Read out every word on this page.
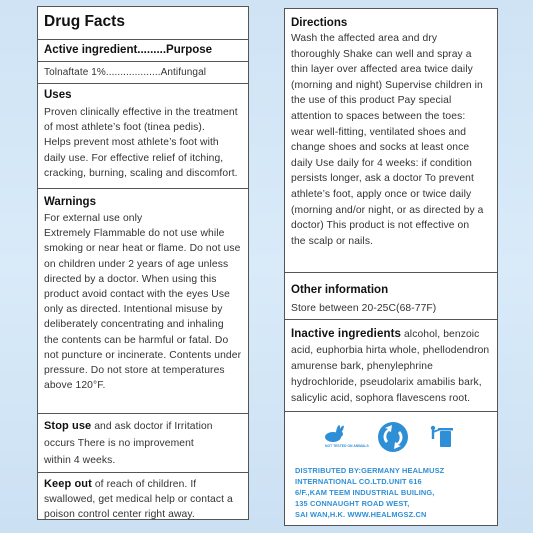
Drug Facts
Active ingredient.........Purpose
Tolnaftate 1%...................Antifungal
Uses
Proven clinically effective in the treatment
of most athlete’s foot (tinea pedis).
Helps prevent most athlete’s foot with
daily use. For effective relief of itching,
cracking, burning, scaling and discomfort.
Warnings
For external use only
Extremely Flammable do not use while
smoking or near heat or flame. Do not use
on children under 2 years of age unless
directed by a doctor. When using this
product avoid contact with the eyes Use
only as directed. Intentional misuse by
deliberately concentrating and inhaling
the contents can be harmful or fatal. Do
not puncture or incinerate. Contents under
pressure. Do not store at temperatures
above 120°F.
Stop use and ask doctor if Irritation
occurs There is no improvement
within 4 weeks.
Keep out of reach of children. If
swallowed, get medical help or contact a
poison control center right away.
Directions
Wash the affected area and dry
thoroughly Shake can well and spray a
thin layer over affected area twice daily
(morning and night) Supervise children in
the use of this product Pay special
attention to spaces between the toes:
wear well-fitting, ventilated shoes and
change shoes and socks at least once
daily Use daily for 4 weeks: if condition
persists longer, ask a doctor To prevent
athlete’s foot, apply once or twice daily
(morning and/or night, or as directed by a
doctor) This product is not effective on
the scalp or nails.
Other information
Store between 20-25C(68-77F)
Inactive ingredients alcohol, benzoic
acid, euphorbia hirta whole, phellodendron
amurense bark, phenylephrine
hydrochloride, pseudolarix amabilis bark,
salicylic acid, sophora flavescens root.
NOT TESTED ON ANIMALS
DISTRIBUTED BY:GERMANY HEALMUSZ
INTERNATIONAL CO.LTD.UNIT 616
6/F.,KAM TEEM INDUSTRIAL BUILING,
135 CONNAUGHT ROAD WEST,
SAI WAN,H.K. WWW.HEALMGSZ.CN
